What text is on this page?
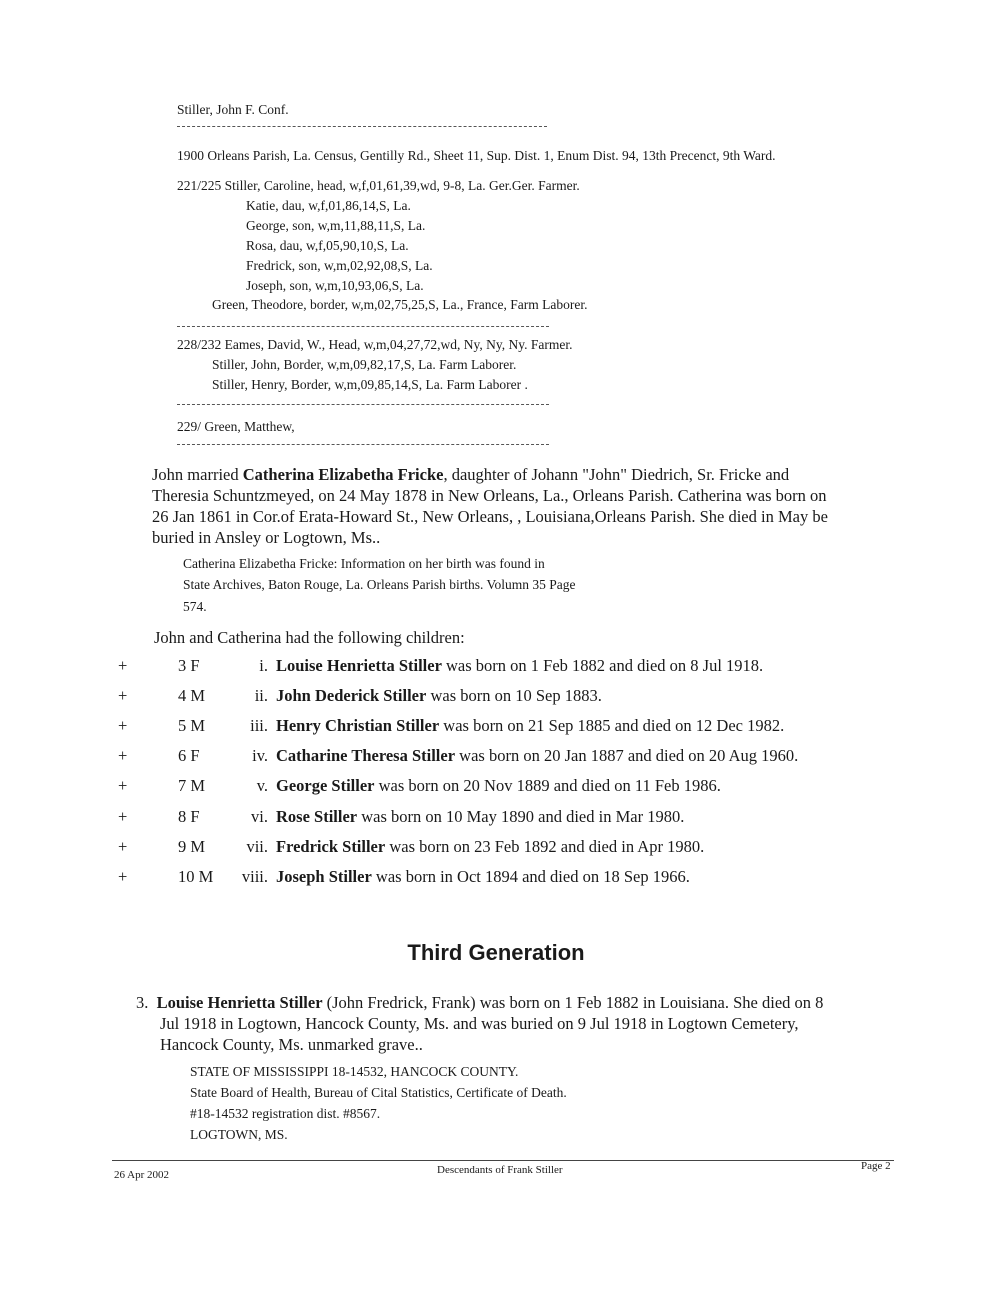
Stiller, John F. Conf.
1900 Orleans Parish, La. Census, Gentilly Rd., Sheet 11, Sup. Dist. 1, Enum Dist. 94, 13th Precenct, 9th Ward.
221/225 Stiller, Caroline, head, w,f,01,61,39,wd, 9-8, La. Ger.Ger. Farmer.
Katie, dau, w,f,01,86,14,S, La.
George, son, w,m,11,88,11,S, La.
Rosa, dau, w,f,05,90,10,S, La.
Fredrick, son, w,m,02,92,08,S, La.
Joseph, son, w,m,10,93,06,S, La.
Green, Theodore, border, w,m,02,75,25,S, La., France, Farm Laborer.
228/232 Eames, David, W., Head, w,m,04,27,72,wd, Ny, Ny, Ny. Farmer.
Stiller, John, Border, w,m,09,82,17,S, La. Farm Laborer.
Stiller, Henry, Border, w,m,09,85,14,S, La. Farm Laborer .
229/ Green, Matthew,
John married Catherina Elizabetha Fricke, daughter of Johann "John" Diedrich, Sr. Fricke and
Theresia Schuntzmeyed, on 24 May 1878 in New Orleans, La., Orleans Parish. Catherina was born on
26 Jan 1861 in Cor.of Erata-Howard St., New Orleans, , Louisiana,Orleans Parish. She died in May be
buried in Ansley or Logtown, Ms..
Catherina Elizabetha Fricke: Information on her birth was found in
State Archives, Baton Rouge, La. Orleans Parish births. Volumn 35 Page
574.
John and Catherina had the following children:
+	3 F	i. Louise Henrietta Stiller was born on 1 Feb 1882 and died on 8 Jul 1918.
+	4 M	ii. John Dederick Stiller was born on 10 Sep 1883.
+	5 M	iii. Henry Christian Stiller was born on 21 Sep 1885 and died on 12 Dec 1982.
+	6 F	iv. Catharine Theresa Stiller was born on 20 Jan 1887 and died on 20 Aug 1960.
+	7 M	v. George Stiller was born on 20 Nov 1889 and died on 11 Feb 1986.
+	8 F	vi. Rose Stiller was born on 10 May 1890 and died in Mar 1980.
+	9 M	vii. Fredrick Stiller was born on 23 Feb 1892 and died in Apr 1980.
+	10 M viii. Joseph Stiller was born in Oct 1894 and died on 18 Sep 1966.
Third Generation
3. Louise Henrietta Stiller (John Fredrick, Frank) was born on 1 Feb 1882 in Louisiana. She died on 8
Jul 1918 in Logtown, Hancock County, Ms. and was buried on 9 Jul 1918 in Logtown Cemetery,
Hancock County, Ms. unmarked grave..
STATE OF MISSISSIPPI 18-14532, HANCOCK COUNTY.
State Board of Health, Bureau of Cital Statistics, Certificate of Death.
#18-14532 registration dist. #8567.
LOGTOWN, MS.
26 Apr 2002	Descendants of Frank Stiller	Page 2
